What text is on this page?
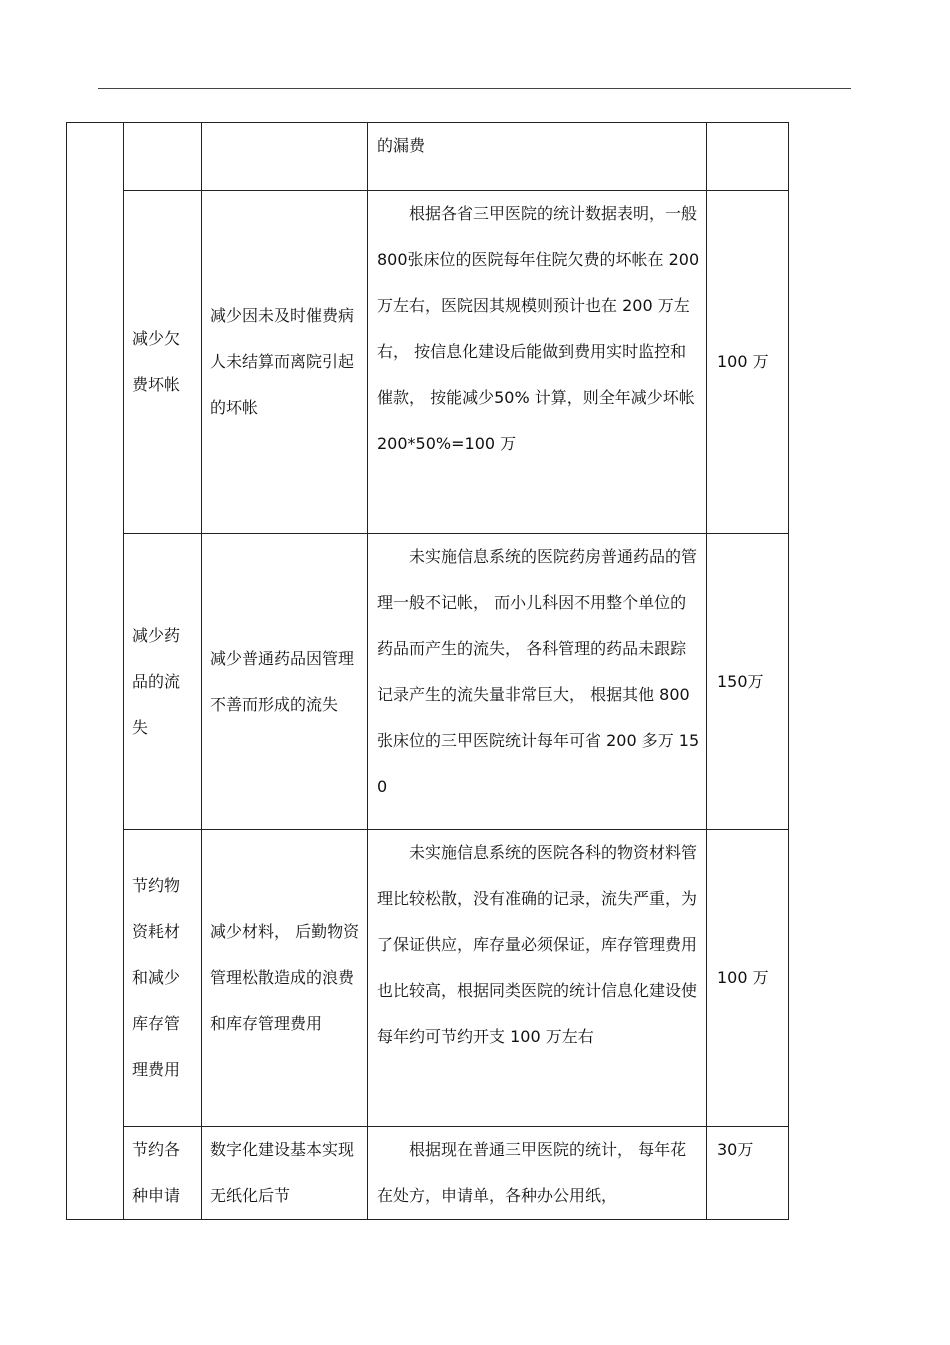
			的漏费	

	减少欠费坏帐	减少因未及时催费病人未结算而离院引起的坏帐	根据各省三甲医院的统计数据表明，一般 800张床位的医院每年住院欠费的坏帐在 200 万左右，医院因其规模则预计也在 200 万左右， 按信息化建设后能做到费用实时监控和催款， 按能减少50% 计算，则全年减少坏帐 200*50%=100 万	100 万

	减少药品的流失	减少普通药品因管理不善而形成的流失	未实施信息系统的医院药房普通药品的管理一般不记帐， 而小儿科因不用整个单位的药品而产生的流失， 各科管理的药品未跟踪记录产生的流失量非常巨大， 根据其他 800 张床位的三甲医院统计每年可省 200 多万 150	150万

	节约物资耗材和减少库存管理费用	减少材料， 后勤物资管理松散造成的浪费和库存管理费用	未实施信息系统的医院各科的物资材料管理比较松散，没有准确的记录，流失严重，为了保证供应，库存量必须保证，库存管理费用也比较高，根据同类医院的统计信息化建设使每年约可节约开支 100 万左右	100 万

	节约各种申请	数字化建设基本实现无纸化后节	根据现在普通三甲医院的统计， 每年花在处方，申请单，各种办公用纸，	30万
